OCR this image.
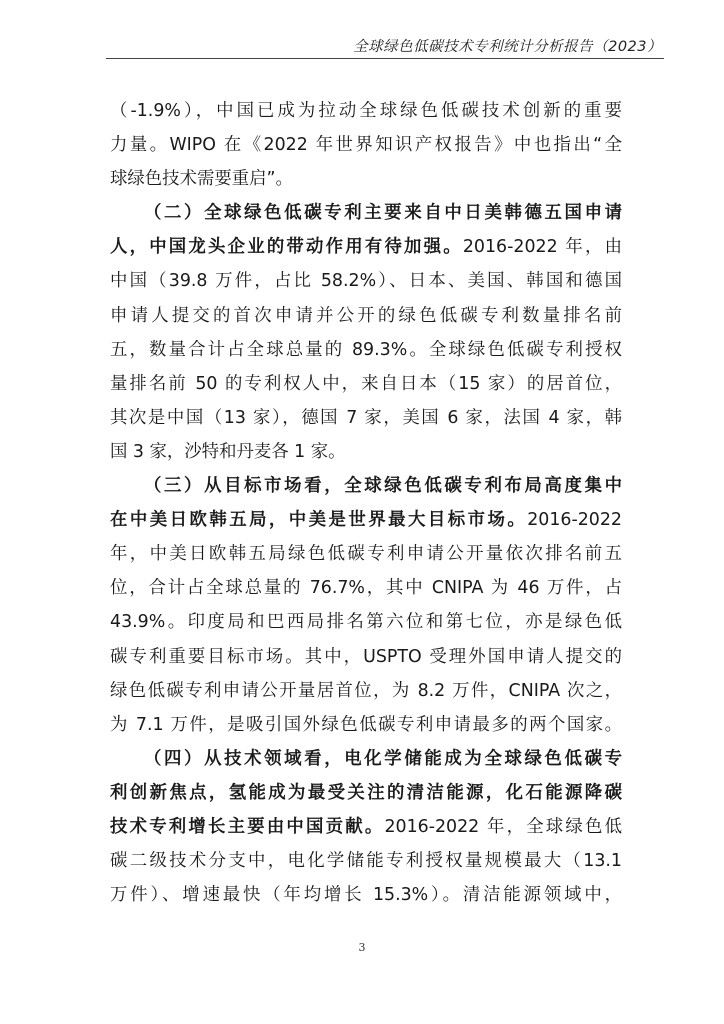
全球绿色低碳技术专利统计分析报告（2023）
（-1.9%），中国已成为拉动全球绿色低碳技术创新的重要
力量。WIPO 在《2022 年世界知识产权报告》中也指出“全
球绿色技术需要重启”。
（二）全球绿色低碳专利主要来自中日美韩德五国申请
人，中国龙头企业的带动作用有待加强。2016-2022 年，由
中国（39.8 万件，占比 58.2%）、日本、美国、韩国和德国
申请人提交的首次申请并公开的绿色低碳专利数量排名前
五，数量合计占全球总量的 89.3%。全球绿色低碳专利授权
量排名前 50 的专利权人中，来自日本（15 家）的居首位，
其次是中国（13 家），德国 7 家，美国 6 家，法国 4 家，韩
国 3 家，沙特和丹麦各 1 家。
（三）从目标市场看，全球绿色低碳专利布局高度集中
在中美日欧韩五局，中美是世界最大目标市场。2016-2022
年，中美日欧韩五局绿色低碳专利申请公开量依次排名前五
位，合计占全球总量的 76.7%，其中 CNIPA 为 46 万件，占
43.9%。印度局和巴西局排名第六位和第七位，亦是绿色低
碳专利重要目标市场。其中，USPTO 受理外国申请人提交的
绿色低碳专利申请公开量居首位，为 8.2 万件，CNIPA 次之，
为 7.1 万件，是吸引国外绿色低碳专利申请最多的两个国家。
（四）从技术领域看，电化学储能成为全球绿色低碳专
利创新焦点，氢能成为最受关注的清洁能源，化石能源降碳
技术专利增长主要由中国贡献。2016-2022 年，全球绿色低
碳二级技术分支中，电化学储能专利授权量规模最大（13.1
万件）、增速最快（年均增长 15.3%）。清洁能源领域中，
3
